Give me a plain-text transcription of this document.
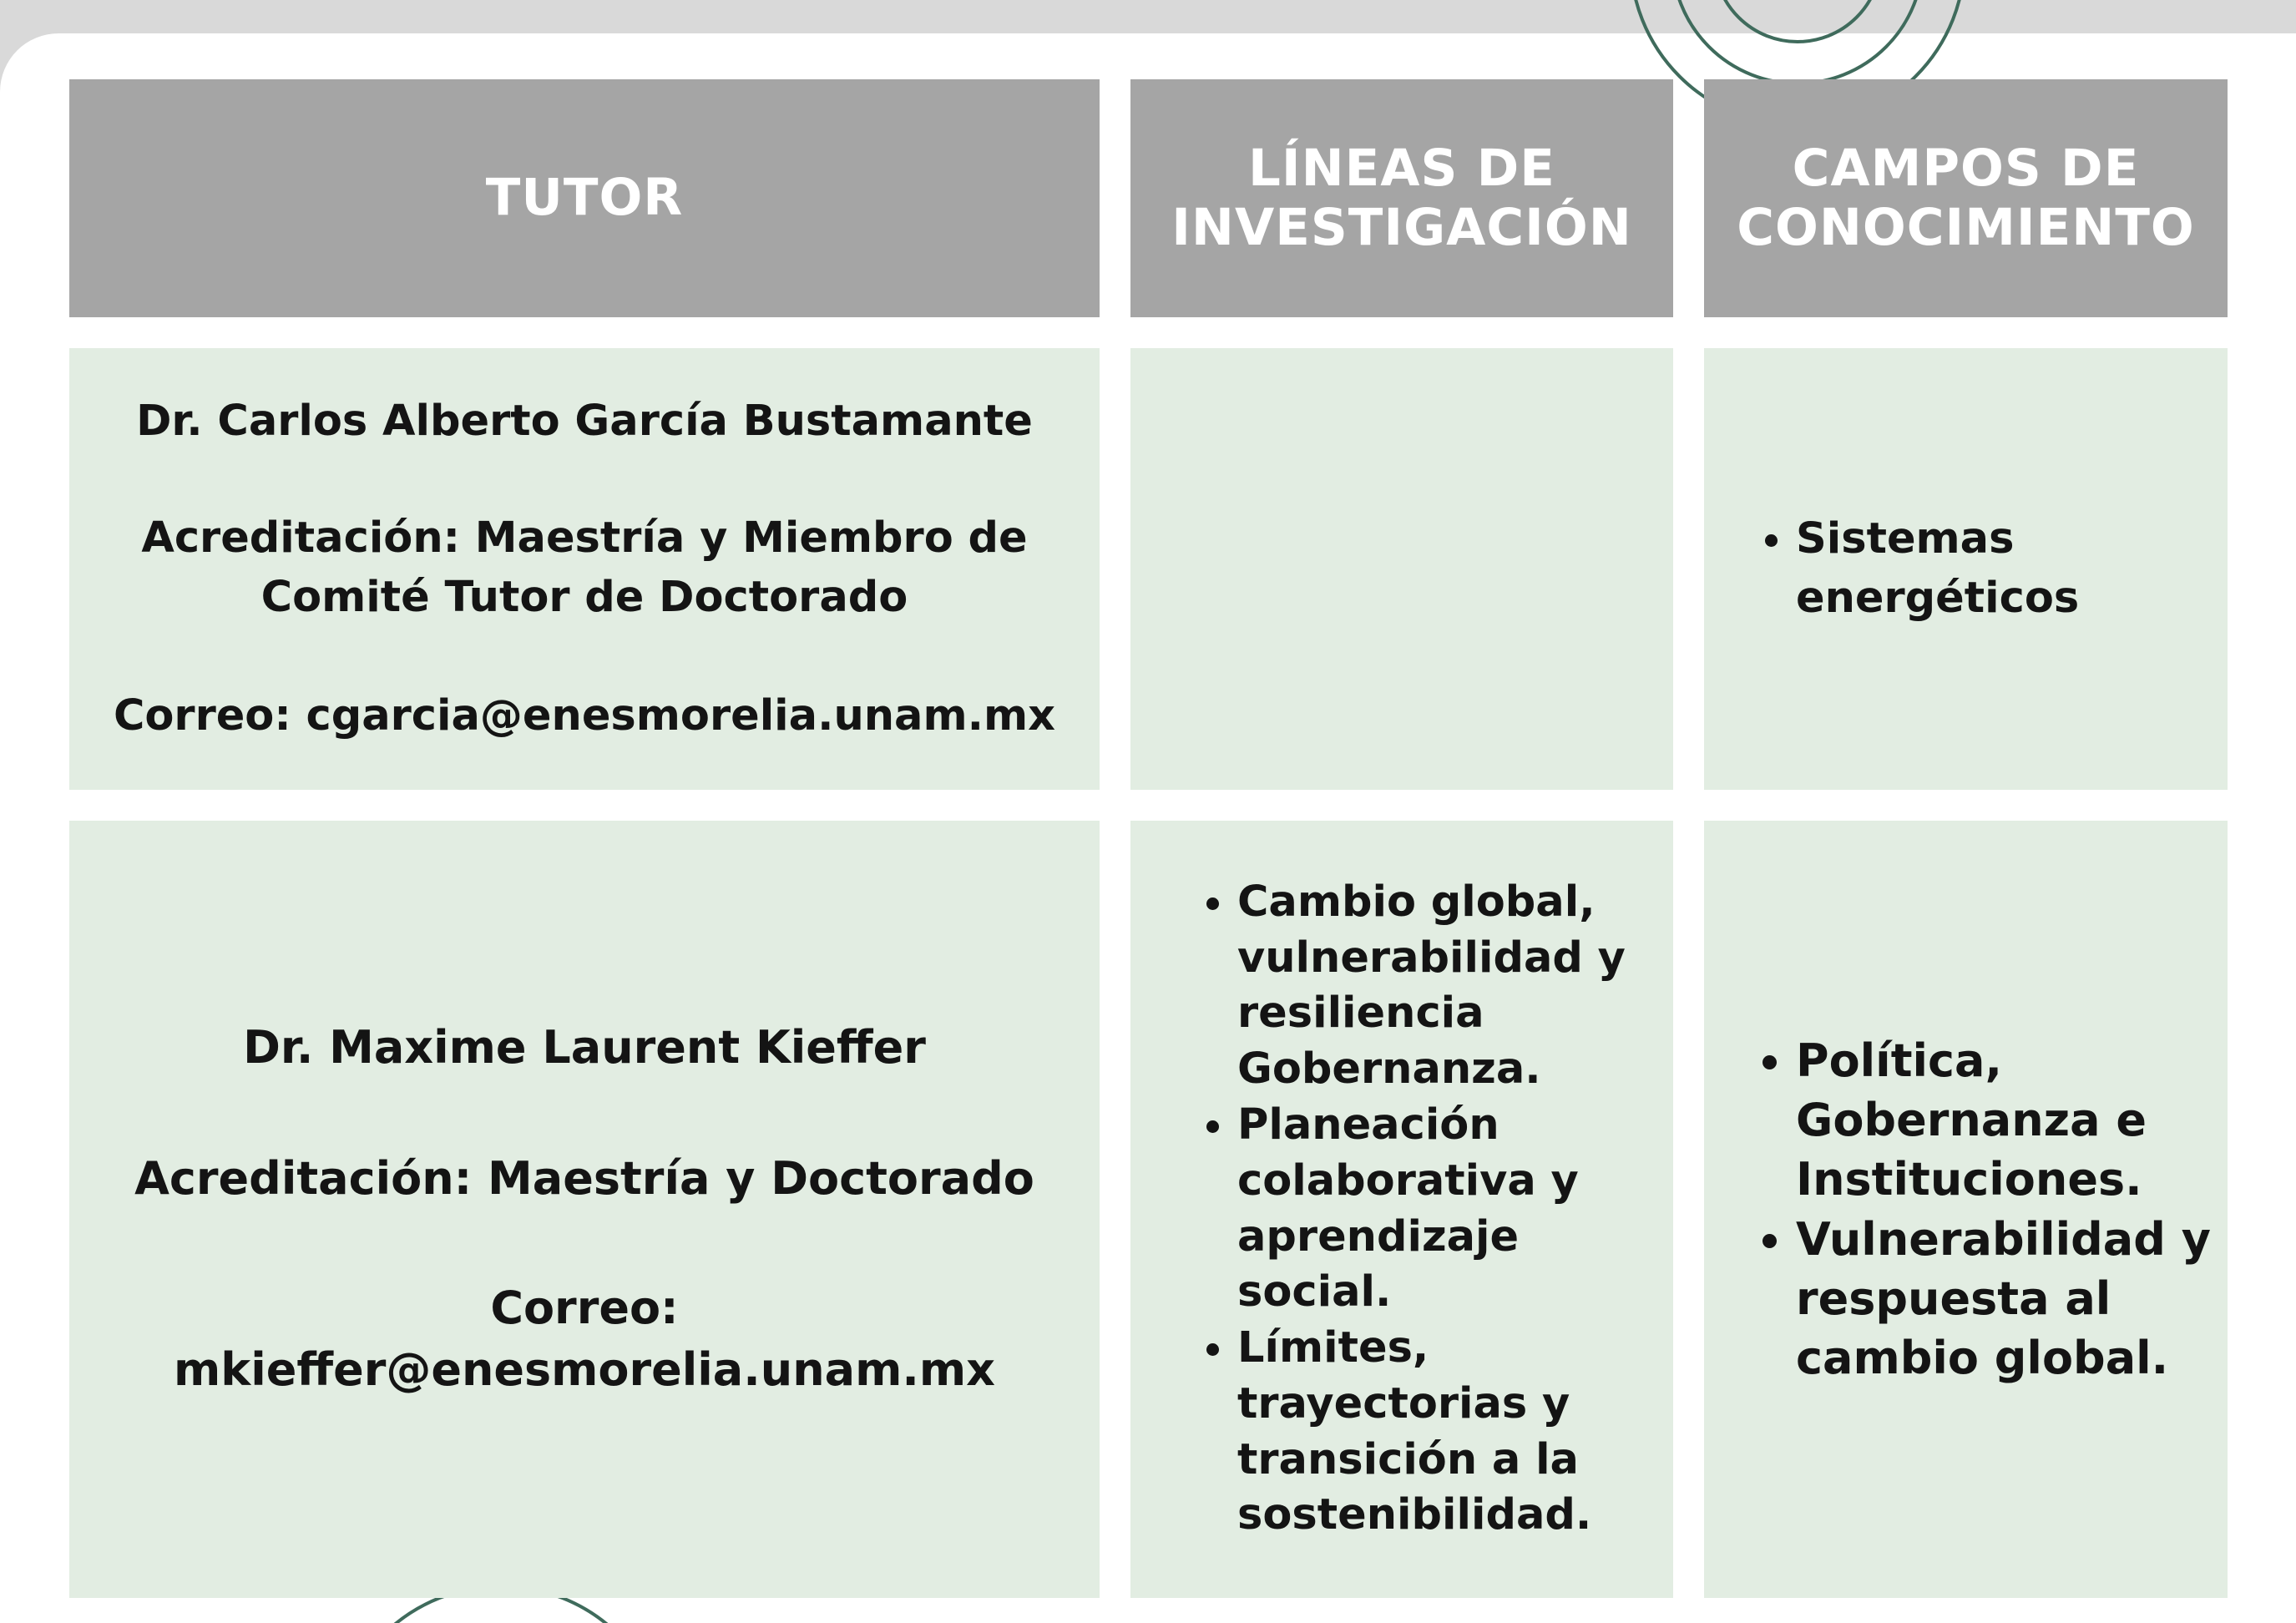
TUTOR	LÍNEAS DE
INVESTIGACIÓN
CAMPOS DE
CONOCIMIENTO

Dr. Carlos Alberto García Bustamante

Acreditación: Maestría y Miembro de

Comité Tutor de Doctorado

Correo: cgarcia@enesmorelia.unam.mx

• Sistemas energéticos

Dr. Maxime Laurent Kieffer

Acreditación: Maestría y Doctorado

Correo:

mkieffer@enesmorelia.unam.mx

• Cambio global, vulnerabilidad y resiliencia Gobernanza.
• Planeación colaborativa y aprendizaje social.
• Límites, trayectorias y transición a la sostenibilidad.
• Política, Gobernanza e Instituciones.
• Vulnerabilidad y respuesta al cambio global.
